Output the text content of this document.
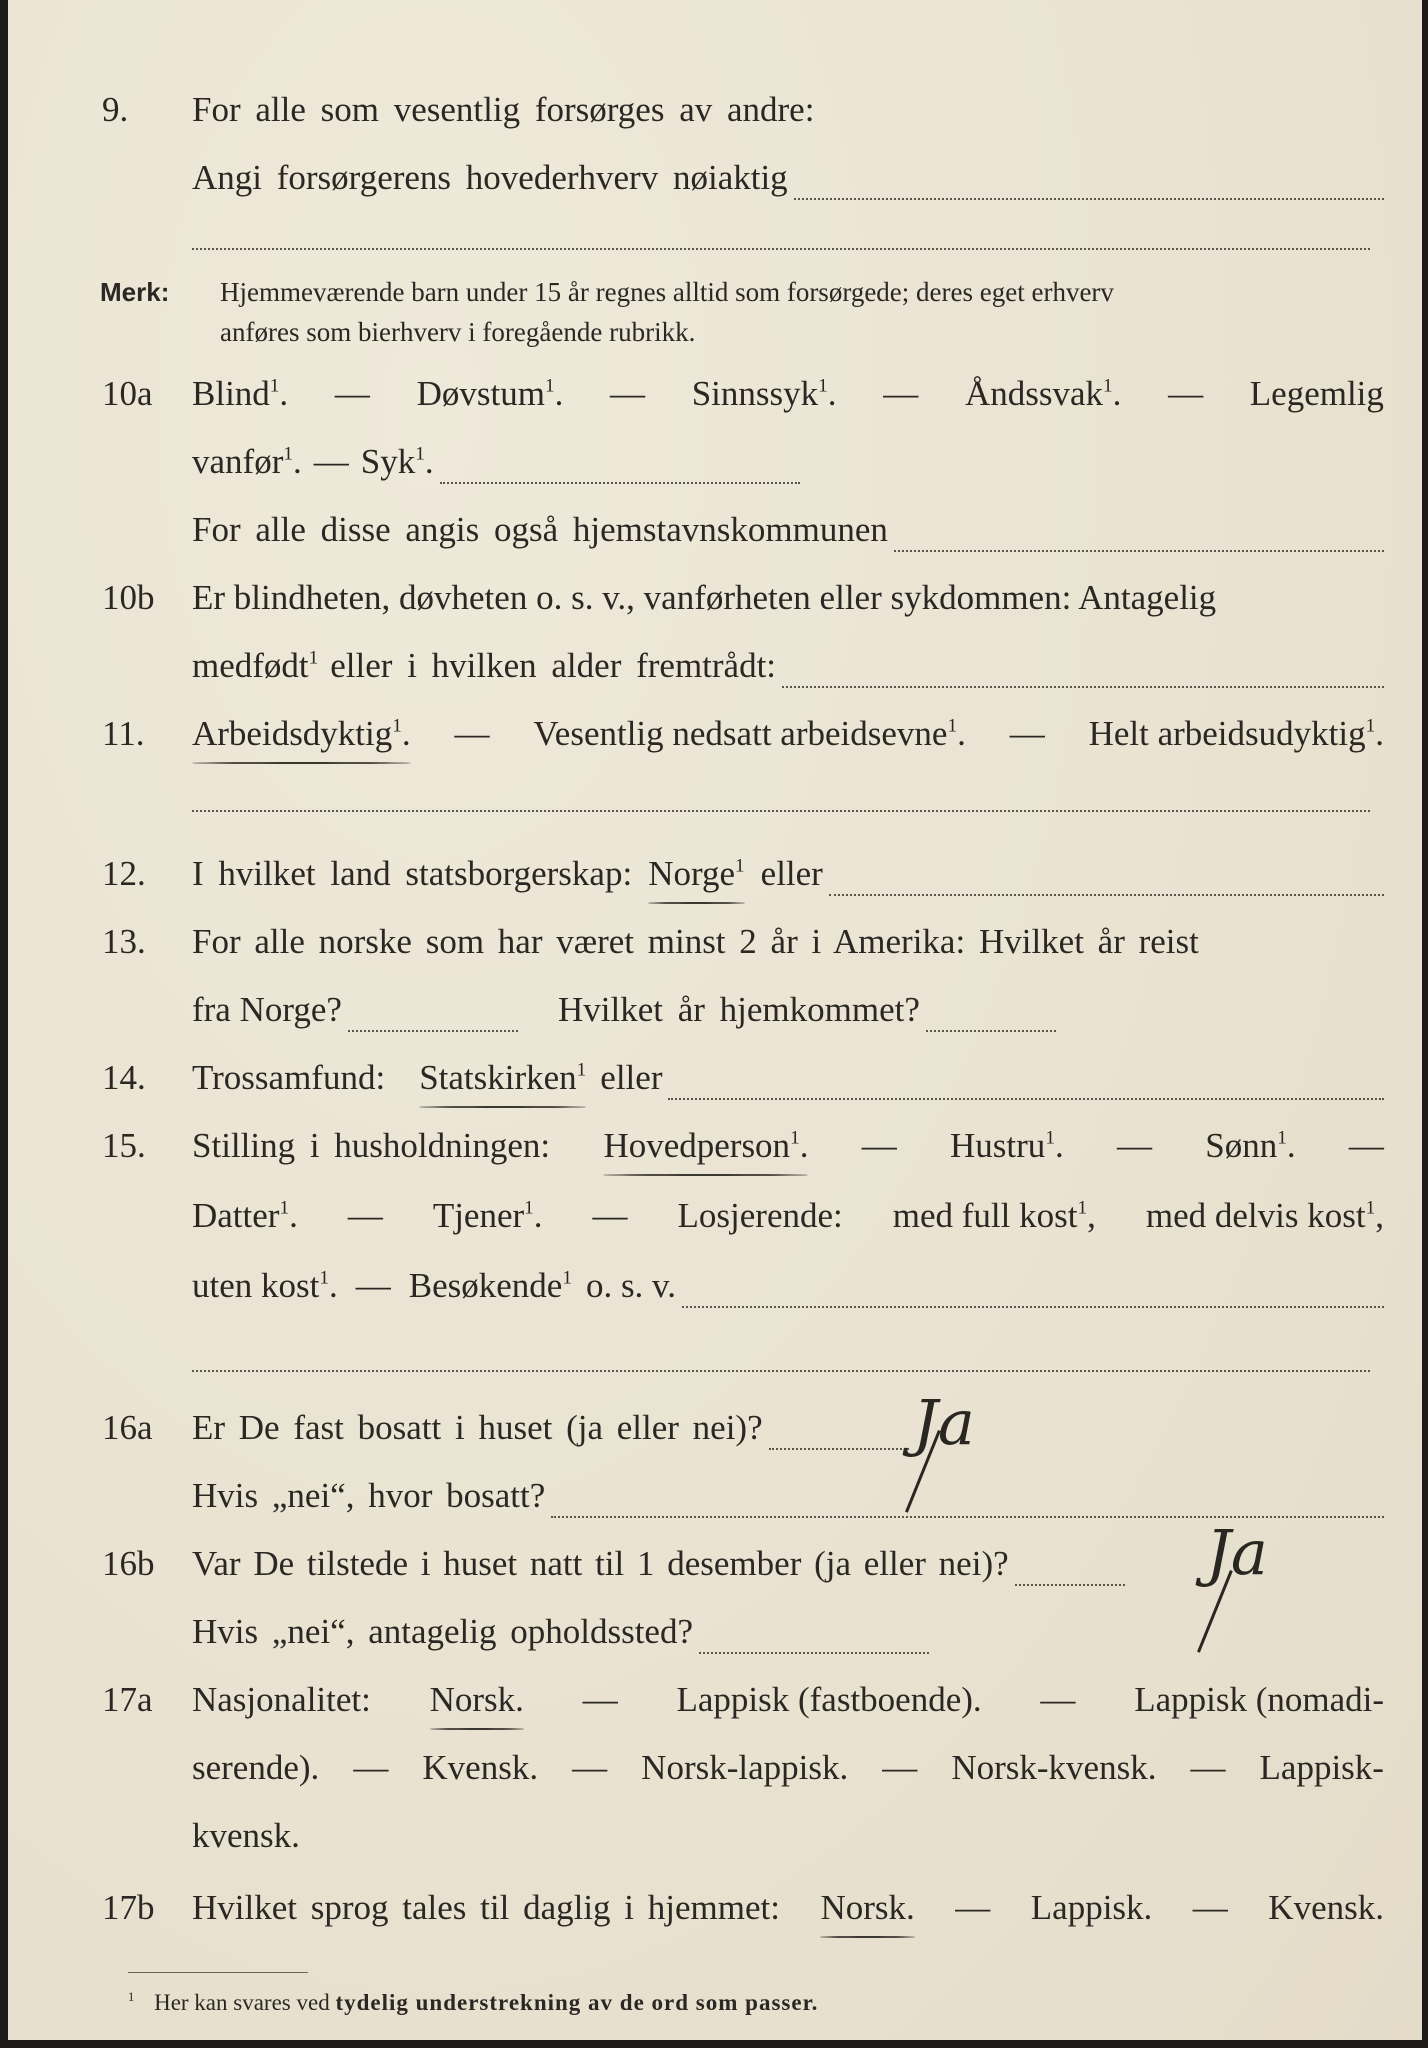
9. For alle som vesentlig forsørges av andre:
Angi forsørgerens hovederhverv nøiaktig
Merk: Hjemmeværende barn under 15 år regnes alltid som forsørgede; deres eget erhverv
anføres som bierhverv i foregående rubrikk.
10a Blind$^1$. — Døvstum$^1$. — Sinnssyk$^1$. — Åndssvak$^1$. — Legemlig
vanfør$^1$. — Syk$^1$.
For alle disse angis også hjemstavnskommunen
10b Er blindheten, døvheten o. s. v., vanførheten eller sykdommen: Antagelig
medfødt$^1$ eller i hvilken alder fremtrådt:
11. Arbeidsdyktig$^1$. — Vesentlig nedsatt arbeidsevne$^1$. — Helt arbeidsudyktig$^1$.
12. I hvilket land statsborgerskap: Norge$^1$ eller
13. For alle norske som har været minst 2 år i Amerika: Hvilket år reist
fra Norge?	Hvilket år hjemkommet?
14. Trossamfund: Statskirken$^1$ eller
15. Stilling i husholdningen: Hovedperson$^1$. — Hustru$^1$. — Sønn$^1$. —
Datter$^1$. — Tjener$^1$. — Losjerende: med full kost$^1$, med delvis kost$^1$,
uten kost$^1$. — Besøkende$^1$ o. s. v.
16a Er De fast bosatt i huset (ja eller nei)? Ja
Hvis „nei“, hvor bosatt?
16b Var De tilstede i huset natt til 1 desember (ja eller nei)?	Ja
Hvis „nei“, antagelig opholdssted?
17a Nasjonalitet: Norsk. — Lappisk (fastboende). — Lappisk (nomadi-
serende). — Kvensk. — Norsk-lappisk. — Norsk-kvensk. — Lappisk-
kvensk.
17b Hvilket sprog tales til daglig i hjemmet: Norsk. — Lappisk. — Kvensk.
$^1$ Her kan svares ved tydelig understrekning av de ord som passer.
